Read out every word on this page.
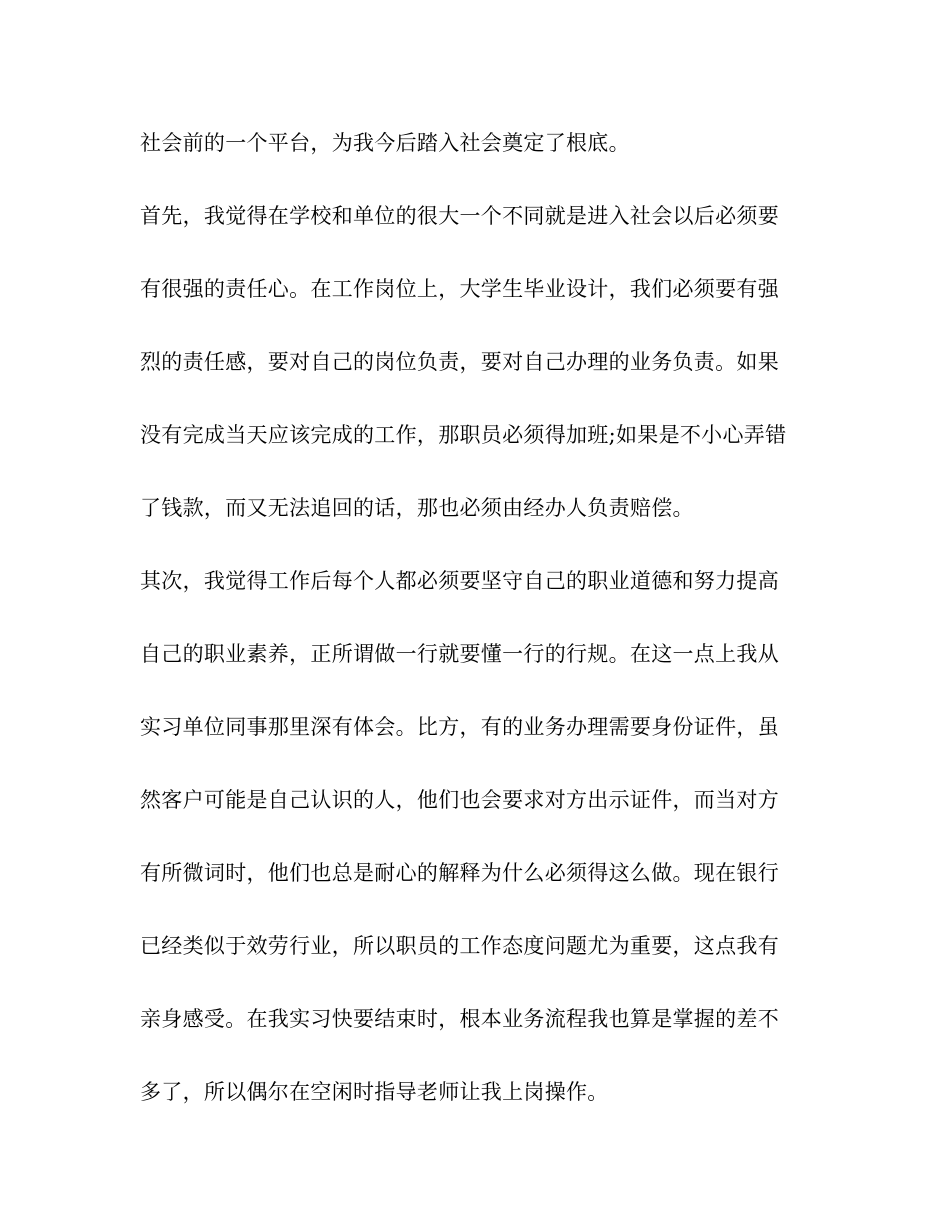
社会前的一个平台，为我今后踏入社会奠定了根底。

首先，我觉得在学校和单位的很大一个不同就是进入社会以后必须要

有很强的责任心。在工作岗位上，大学生毕业设计，我们必须要有强

烈的责任感，要对自己的岗位负责，要对自己办理的业务负责。如果

没有完成当天应该完成的工作，那职员必须得加班;如果是不小心弄错

了钱款，而又无法追回的话，那也必须由经办人负责赔偿。

其次，我觉得工作后每个人都必须要坚守自己的职业道德和努力提高

自己的职业素养，正所谓做一行就要懂一行的行规。在这一点上我从

实习单位同事那里深有体会。比方，有的业务办理需要身份证件，虽

然客户可能是自己认识的人，他们也会要求对方出示证件，而当对方

有所微词时，他们也总是耐心的解释为什么必须得这么做。现在银行

已经类似于效劳行业，所以职员的工作态度问题尤为重要，这点我有

亲身感受。在我实习快要结束时，根本业务流程我也算是掌握的差不

多了，所以偶尔在空闲时指导老师让我上岗操作。
